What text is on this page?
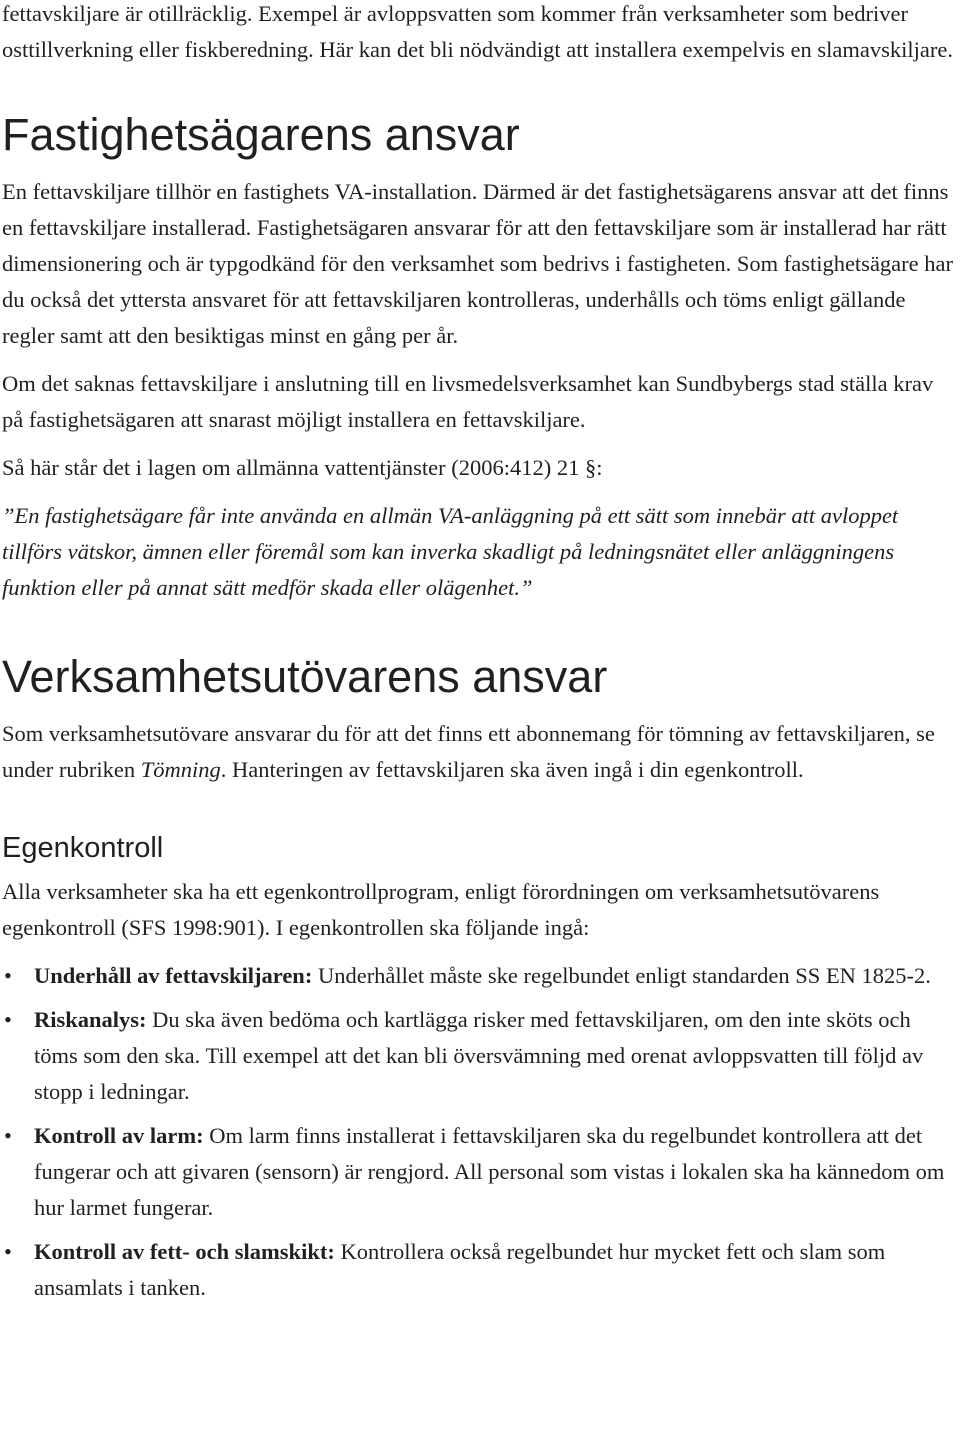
fettavskiljare är otillräcklig. Exempel är avloppsvatten som kommer från verksamheter som bedriver osttillverkning eller fiskberedning. Här kan det bli nödvändigt att installera exempelvis en slamavskiljare.

Fastighetsägarens ansvar

En fettavskiljare tillhör en fastighets VA-installation. Därmed är det fastighetsägarens ansvar att det finns en fettavskiljare installerad. Fastighetsägaren ansvarar för att den fettavskiljare som är installerad har rätt dimensionering och är typgodkänd för den verksamhet som bedrivs i fastigheten. Som fastighetsägare har du också det yttersta ansvaret för att fettavskiljaren kontrolleras, underhålls och töms enligt gällande regler samt att den besiktigas minst en gång per år.

Om det saknas fettavskiljare i anslutning till en livsmedelsverksamhet kan Sundbybergs stad ställa krav på fastighetsägaren att snarast möjligt installera en fettavskiljare.

Så här står det i lagen om allmänna vattentjänster (2006:412) 21 §:

”En fastighetsägare får inte använda en allmän VA-anläggning på ett sätt som innebär att avloppet tillförs vätskor, ämnen eller föremål som kan inverka skadligt på ledningsnätet eller anläggningens funktion eller på annat sätt medför skada eller olägenhet.”

Verksamhetsutövarens ansvar

Som verksamhetsutövare ansvarar du för att det finns ett abonnemang för tömning av fettavskiljaren, se under rubriken Tömning. Hanteringen av fettavskiljaren ska även ingå i din egenkontroll.

Egenkontroll

Alla verksamheter ska ha ett egenkontrollprogram, enligt förordningen om verksamhetsutövarens egenkontroll (SFS 1998:901). I egenkontrollen ska följande ingå:

• Underhåll av fettavskiljaren: Underhållet måste ske regelbundet enligt standarden SS EN 1825-2.
• Riskanalys: Du ska även bedöma och kartlägga risker med fettavskiljaren, om den inte sköts och töms som den ska. Till exempel att det kan bli översvämning med orenat avloppsvatten till följd av stopp i ledningar.
• Kontroll av larm: Om larm finns installerat i fettavskiljaren ska du regelbundet kontrollera att det fungerar och att givaren (sensorn) är rengjord. All personal som vistas i lokalen ska ha kännedom om hur larmet fungerar.
• Kontroll av fett- och slamskikt: Kontrollera också regelbundet hur mycket fett och slam som ansamlats i tanken.
